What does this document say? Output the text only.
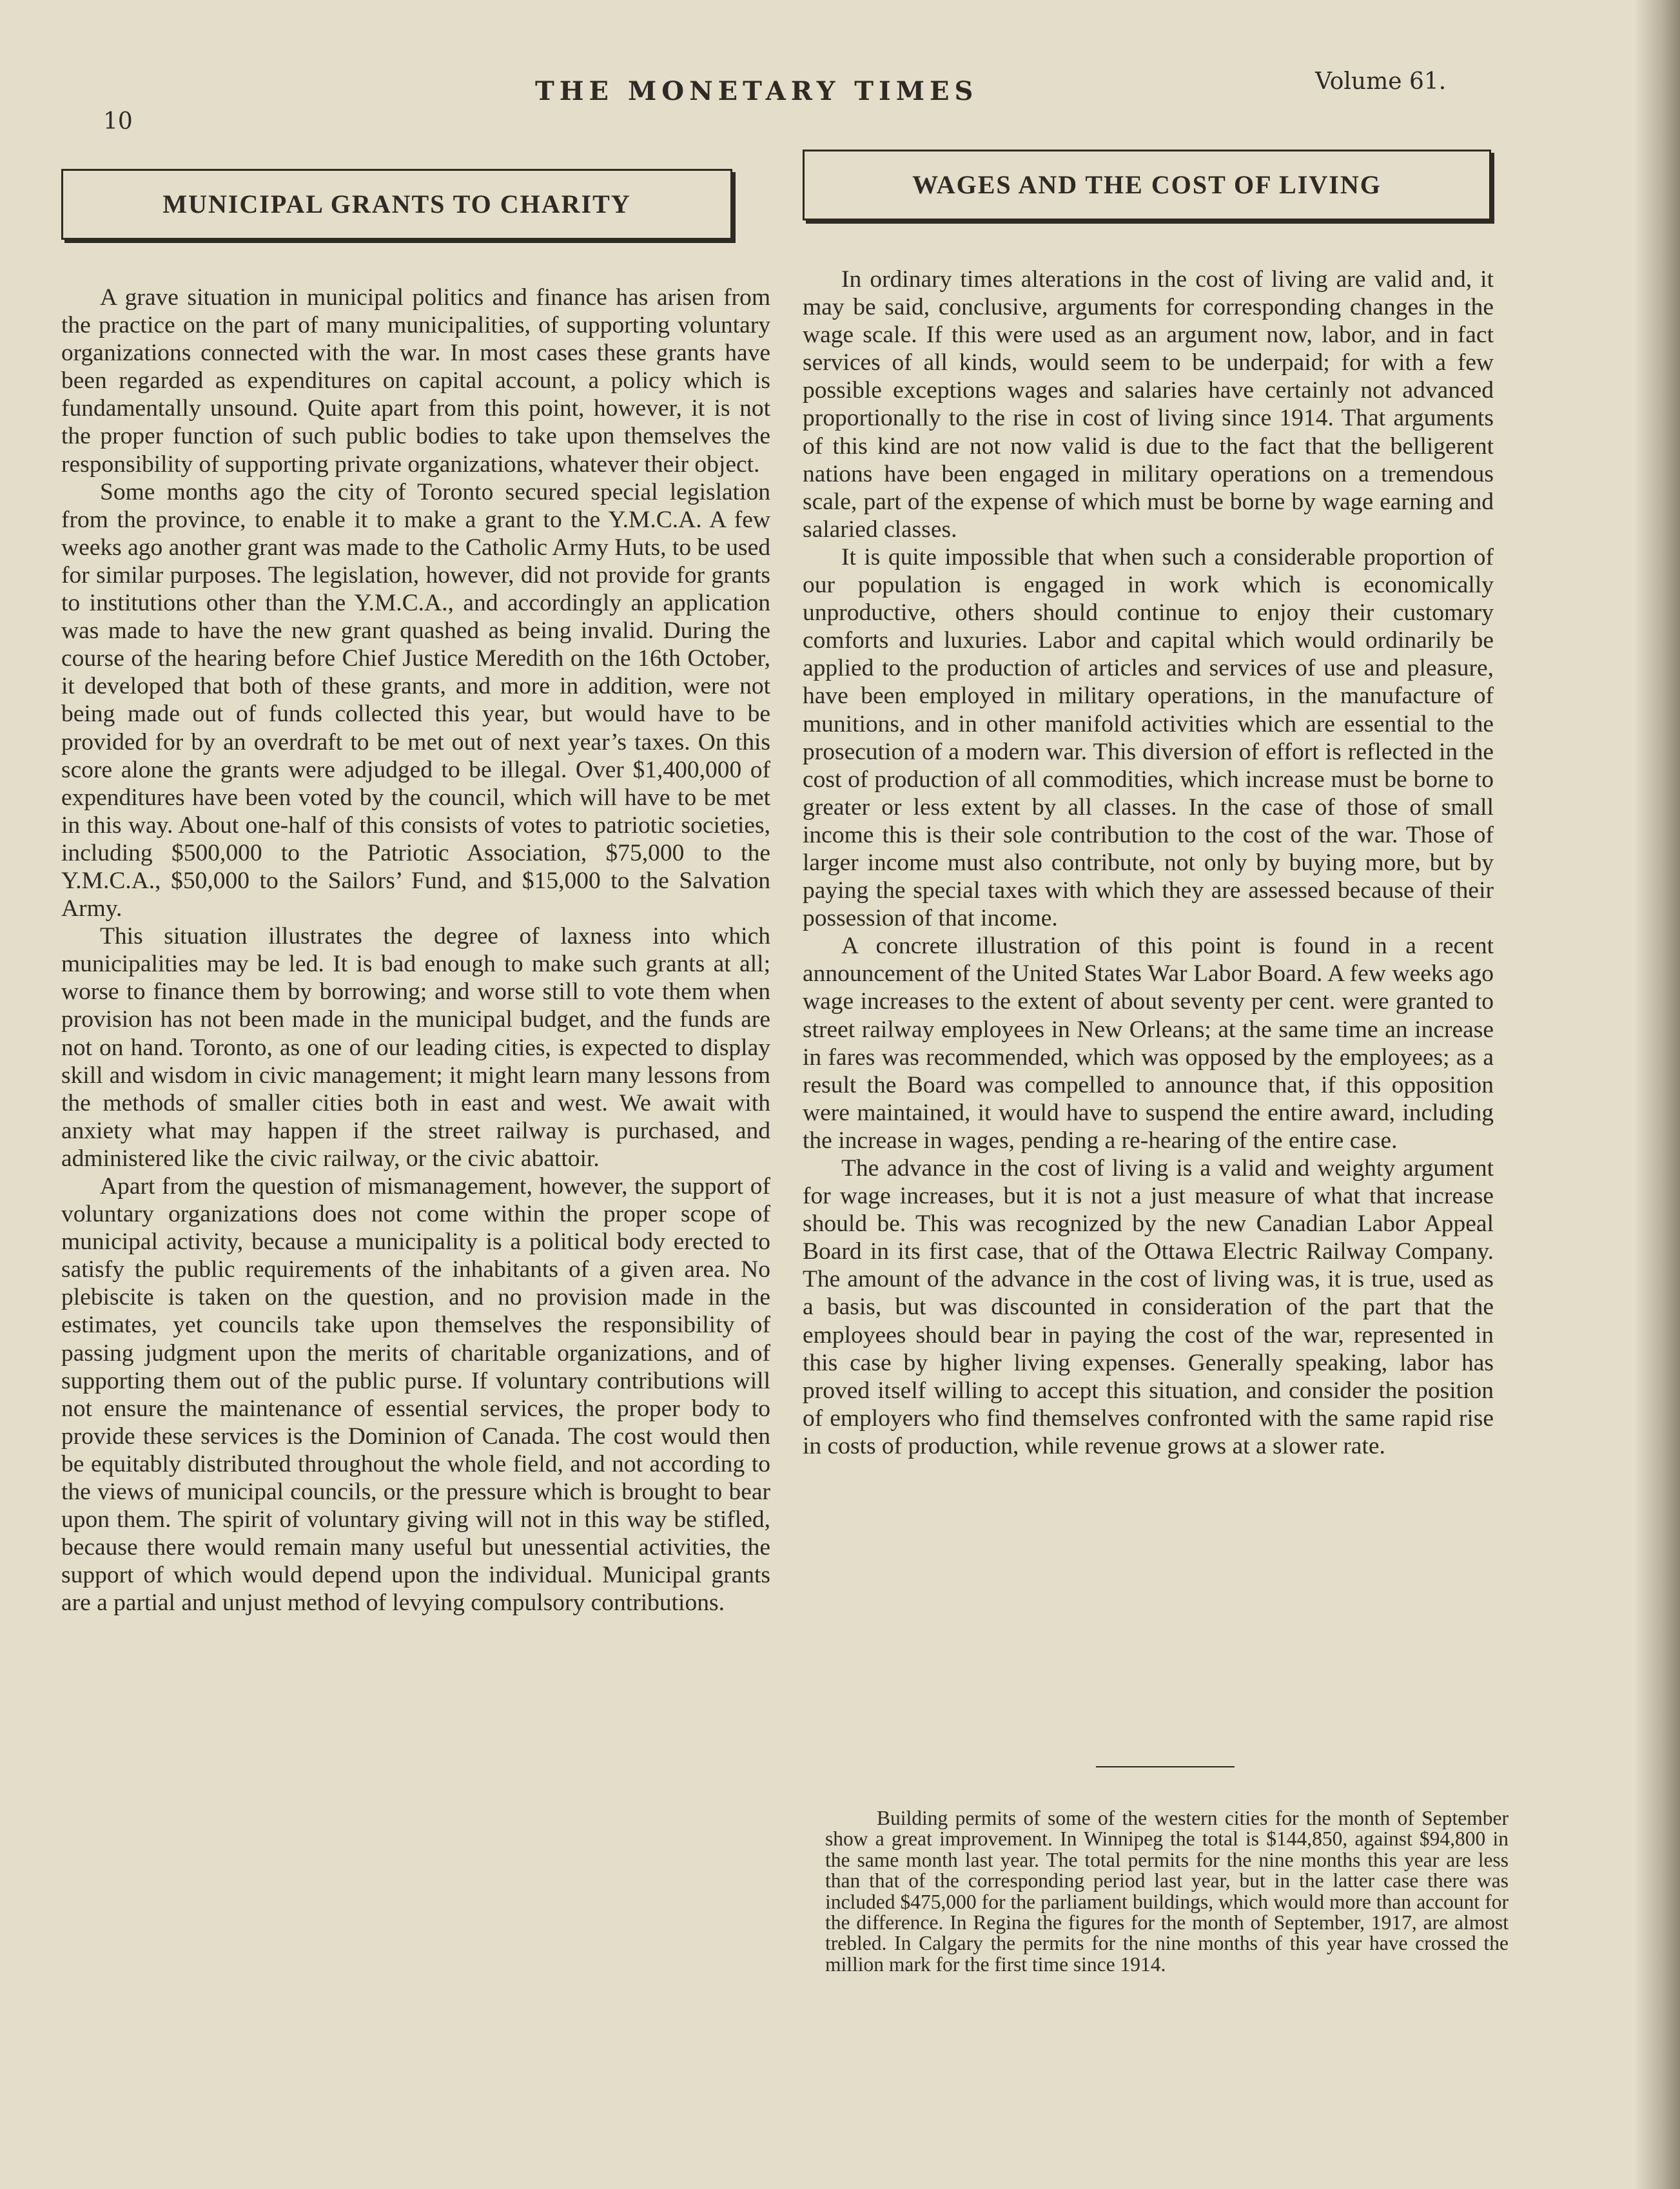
10
THE MONETARY TIMES	Volume 61.
MUNICIPAL GRANTS TO CHARITY

A grave situation in municipal politics and finance has arisen from the practice on the part of many municipalities, of supporting voluntary organizations connected with the war. In most cases these grants have been regarded as expenditures on capital account, a policy which is fundamentally unsound. Quite apart from this point, however, it is not the proper function of such public bodies to take upon themselves the responsibility of supporting private organizations, whatever their object.

Some months ago the city of Toronto secured special legislation from the province, to enable it to make a grant to the Y.M.C.A. A few weeks ago another grant was made to the Catholic Army Huts, to be used for similar purposes. The legislation, however, did not provide for grants to institutions other than the Y.M.C.A., and accordingly an application was made to have the new grant quashed as being invalid. During the course of the hearing before Chief Justice Meredith on the 16th October, it developed that both of these grants, and more in addition, were not being made out of funds collected this year, but would have to be provided for by an overdraft to be met out of next year’s taxes. On this score alone the grants were adjudged to be illegal. Over $1,400,000 of expenditures have been voted by the council, which will have to be met in this way. About one-half of this consists of votes to patriotic societies, including $500,000 to the Patriotic Association, $75,000 to the Y.M.C.A., $50,000 to the Sailors’ Fund, and $15,000 to the Salvation Army.

This situation illustrates the degree of laxness into which municipalities may be led. It is bad enough to make such grants at all; worse to finance them by borrowing; and worse still to vote them when provision has not been made in the municipal budget, and the funds are not on hand. Toronto, as one of our leading cities, is expected to display skill and wisdom in civic management; it might learn many lessons from the methods of smaller cities both in east and west. We await with anxiety what may happen if the street railway is purchased, and administered like the civic railway, or the civic abattoir.

Apart from the question of mismanagement, however, the support of voluntary organizations does not come within the proper scope of municipal activity, because a municipality is a political body erected to satisfy the public requirements of the inhabitants of a given area. No plebiscite is taken on the question, and no provision made in the estimates, yet councils take upon themselves the responsibility of passing judgment upon the merits of charitable organizations, and of supporting them out of the public purse. If voluntary contributions will not ensure the maintenance of essential services, the proper body to provide these services is the Dominion of Canada. The cost would then be equitably distributed throughout the whole field, and not according to the views of municipal councils, or the pressure which is brought to bear upon them. The spirit of voluntary giving will not in this way be stifled, because there would remain many useful but unessential activities, the support of which would depend upon the individual. Municipal grants are a partial and unjust method of levying compulsory contributions.

WAGES AND THE COST OF LIVING

In ordinary times alterations in the cost of living are valid and, it may be said, conclusive, arguments for corresponding changes in the wage scale. If this were used as an argument now, labor, and in fact services of all kinds, would seem to be underpaid; for with a few possible exceptions wages and salaries have certainly not advanced proportionally to the rise in cost of living since 1914. That arguments of this kind are not now valid is due to the fact that the belligerent nations have been engaged in military operations on a tremendous scale, part of the expense of which must be borne by wage earning and salaried classes.

It is quite impossible that when such a considerable proportion of our population is engaged in work which is economically unproductive, others should continue to enjoy their customary comforts and luxuries. Labor and capital which would ordinarily be applied to the production of articles and services of use and pleasure, have been employed in military operations, in the manufacture of munitions, and in other manifold activities which are essential to the prosecution of a modern war. This diversion of effort is reflected in the cost of production of all commodities, which increase must be borne to greater or less extent by all classes. In the case of those of small income this is their sole contribution to the cost of the war. Those of larger income must also contribute, not only by buying more, but by paying the special taxes with which they are assessed because of their possession of that income.

A concrete illustration of this point is found in a recent announcement of the United States War Labor Board. A few weeks ago wage increases to the extent of about seventy per cent. were granted to street railway employees in New Orleans; at the same time an increase in fares was recommended, which was opposed by the employees; as a result the Board was compelled to announce that, if this opposition were maintained, it would have to suspend the entire award, including the increase in wages, pending a re-hearing of the entire case.

The advance in the cost of living is a valid and weighty argument for wage increases, but it is not a just measure of what that increase should be. This was recognized by the new Canadian Labor Appeal Board in its first case, that of the Ottawa Electric Railway Company. The amount of the advance in the cost of living was, it is true, used as a basis, but was discounted in consideration of the part that the employees should bear in paying the cost of the war, represented in this case by higher living expenses. Generally speaking, labor has proved itself willing to accept this situation, and consider the position of employers who find themselves confronted with the same rapid rise in costs of production, while revenue grows at a slower rate.

Building permits of some of the western cities for the month of September show a great improvement. In Winnipeg the total is $144,850, against $94,800 in the same month last year. The total permits for the nine months this year are less than that of the corresponding period last year, but in the latter case there was included $475,000 for the parliament buildings, which would more than account for the difference. In Regina the figures for the month of September, 1917, are almost trebled. In Calgary the permits for the nine months of this year have crossed the million mark for the first time since 1914.
